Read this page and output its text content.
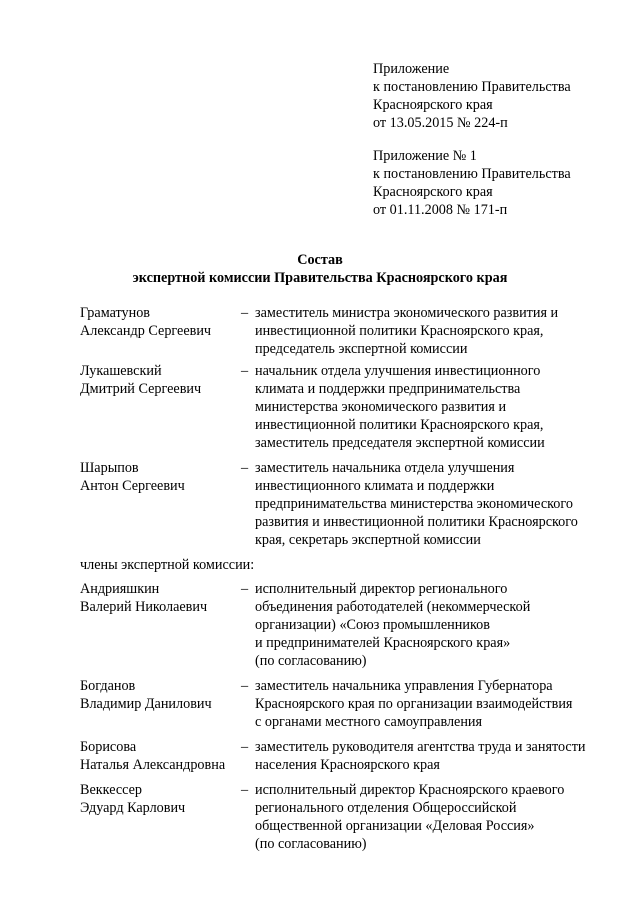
Приложение
к постановлению Правительства
Красноярского края
от 13.05.2015 № 224-п
Приложение № 1
к постановлению Правительства
Красноярского края
от 01.11.2008 № 171-п
Состав
экспертной комиссии Правительства Красноярского края
Граматунов
Александр Сергеевич
– заместитель министра экономического развития и
инвестиционной политики Красноярского края,
председатель экспертной комиссии
Лукашевский
Дмитрий Сергеевич
– начальник отдела улучшения инвестиционного
климата и поддержки предпринимательства
министерства экономического развития и
инвестиционной политики Красноярского края,
заместитель председателя экспертной комиссии
Шарыпов
Антон Сергеевич
– заместитель начальника отдела улучшения
инвестиционного климата и поддержки
предпринимательства министерства экономического
развития и инвестиционной политики Красноярского
края, секретарь экспертной комиссии
члены экспертной комиссии:
Андрияшкин
Валерий Николаевич
– исполнительный директор регионального
объединения работодателей (некоммерческой
организации) «Союз промышленников
и предпринимателей Красноярского края»
(по согласованию)
Богданов
Владимир Данилович
– заместитель начальника управления Губернатора
Красноярского края по организации взаимодействия
с органами местного самоуправления
Борисова
Наталья Александровна
– заместитель руководителя агентства труда и занятости
населения Красноярского края
Веккессер
Эдуард Карлович
– исполнительный директор Красноярского краевого
регионального отделения Общероссийской
общественной организации «Деловая Россия»
(по согласованию)
